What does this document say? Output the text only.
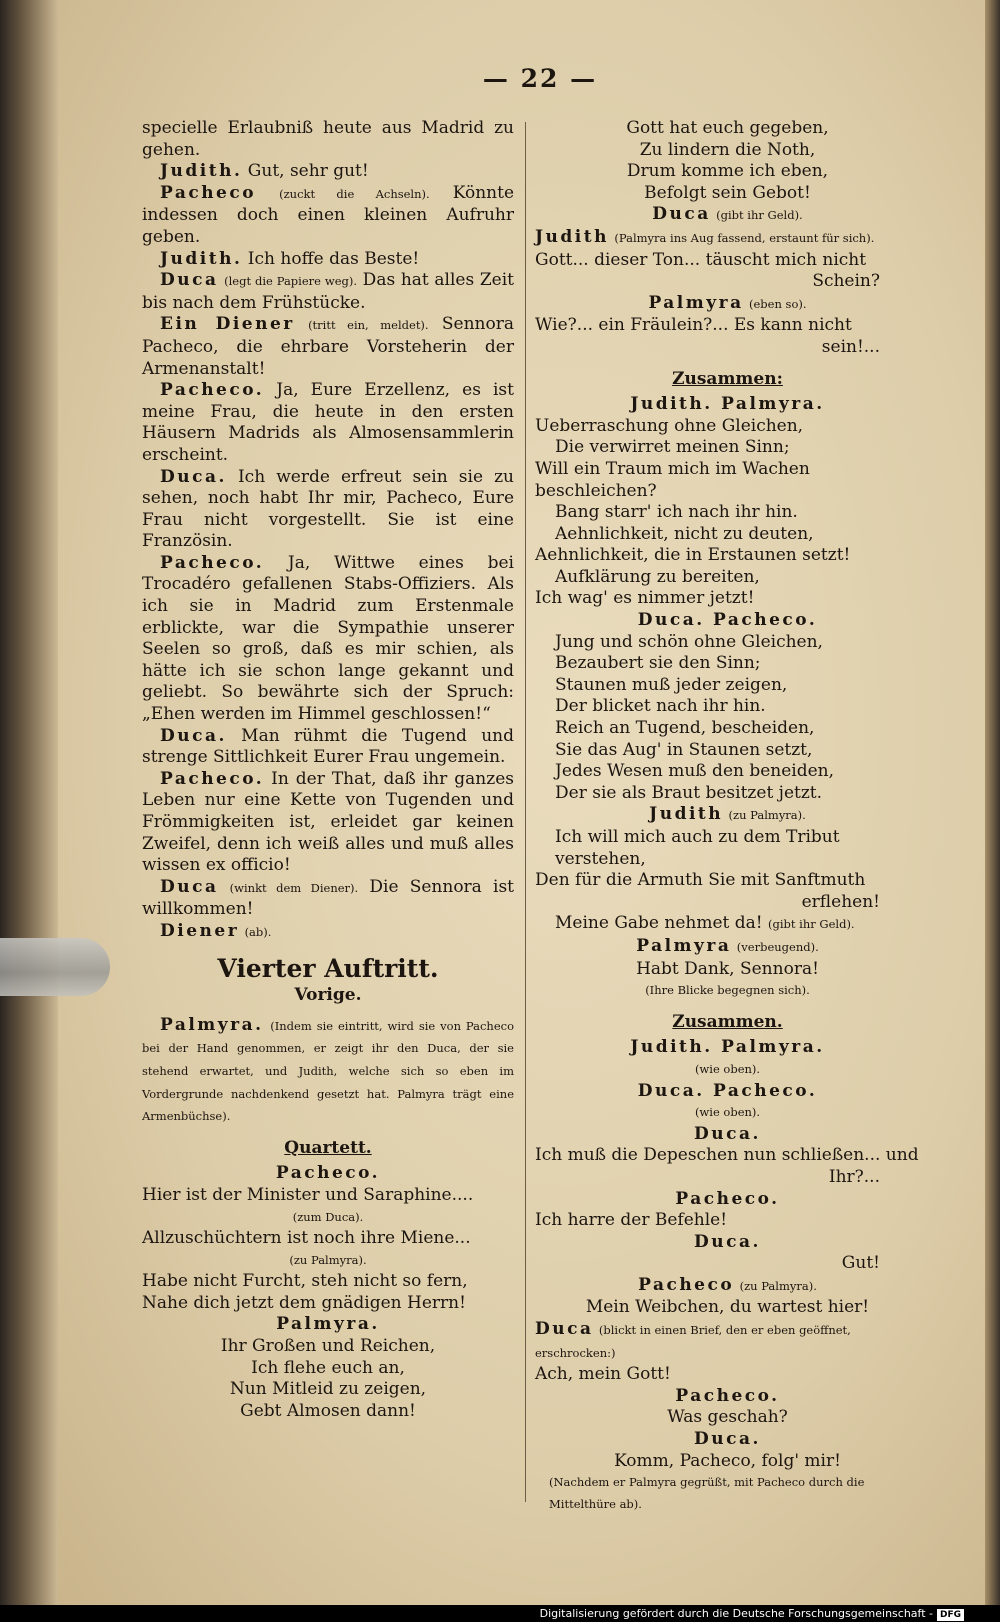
— 22 —

specielle Erlaubniß heute aus Madrid zu gehen.

Judith. Gut, sehr gut!

Pacheco (zuckt die Achseln). Könnte indessen doch einen kleinen Aufruhr geben.

Judith. Ich hoffe das Beste!

Duca (legt die Papiere weg). Das hat alles Zeit bis nach dem Frühstücke.

Ein Diener (tritt ein, meldet). Sennora Pacheco, die ehrbare Vorsteherin der Armenanstalt!

Pacheco. Ja, Eure Erzellenz, es ist meine Frau, die heute in den ersten Häusern Madrids als Almosensammlerin erscheint.

Duca. Ich werde erfreut sein sie zu sehen, noch habt Ihr mir, Pacheco, Eure Frau nicht vorgestellt. Sie ist eine Französin.

Pacheco. Ja, Wittwe eines bei Trocadéro gefallenen Stabs-Offiziers. Als ich sie in Madrid zum Erstenmale erblickte, war die Sympathie unserer Seelen so groß, daß es mir schien, als hätte ich sie schon lange gekannt und geliebt. So bewährte sich der Spruch: „Ehen werden im Himmel geschlossen!“

Duca. Man rühmt die Tugend und strenge Sittlichkeit Eurer Frau ungemein.

Pacheco. In der That, daß ihr ganzes Leben nur eine Kette von Tugenden und Frömmigkeiten ist, erleidet gar keinen Zweifel, denn ich weiß alles und muß alles wissen ex officio!

Duca (winkt dem Diener). Die Sennora ist willkommen!

Diener (ab).

Vierter Auftritt.

Vorige.

Palmyra. (Indem sie eintritt, wird sie von Pacheco bei der Hand genommen, er zeigt ihr den Duca, der sie stehend erwartet, und Judith, welche sich so eben im Vordergrunde nachdenkend gesetzt hat. Palmyra trägt eine Armenbüchse).

Quartett.

Pacheco.

Hier ist der Minister und Saraphine....

(zum Duca).

Allzuschüchtern ist noch ihre Miene...

(zu Palmyra).

Habe nicht Furcht, steh nicht so fern,

Nahe dich jetzt dem gnädigen Herrn!

Palmyra.

Ihr Großen und Reichen,

Ich flehe euch an,

Nun Mitleid zu zeigen,

Gebt Almosen dann!

Gott hat euch gegeben,

Zu lindern die Noth,

Drum komme ich eben,

Befolgt sein Gebot!

Duca (gibt ihr Geld).

Judith (Palmyra ins Aug fassend, erstaunt für sich).

Gott... dieser Ton... täuscht mich nicht

Schein?

Palmyra (eben so).

Wie?... ein Fräulein?... Es kann nicht

sein!...

Zusammen:

Judith. Palmyra.

Ueberraschung ohne Gleichen,

Die verwirret meinen Sinn;

Will ein Traum mich im Wachen beschleichen?

Bang starr' ich nach ihr hin.

Aehnlichkeit, nicht zu deuten,

Aehnlichkeit, die in Erstaunen setzt!

Aufklärung zu bereiten,

Ich wag' es nimmer jetzt!

Duca. Pacheco.

Jung und schön ohne Gleichen,

Bezaubert sie den Sinn;

Staunen muß jeder zeigen,

Der blicket nach ihr hin.

Reich an Tugend, bescheiden,

Sie das Aug' in Staunen setzt,

Jedes Wesen muß den beneiden,

Der sie als Braut besitzet jetzt.

Judith (zu Palmyra).

Ich will mich auch zu dem Tribut verstehen,

Den für die Armuth Sie mit Sanftmuth

erflehen!

Meine Gabe nehmet da! (gibt ihr Geld).

Palmyra (verbeugend).

Habt Dank, Sennora!

(Ihre Blicke begegnen sich).

Zusammen.

Judith. Palmyra.

(wie oben).

Duca. Pacheco.

(wie oben).

Duca.

Ich muß die Depeschen nun schließen... und

Ihr?...

Pacheco.

Ich harre der Befehle!

Duca.

Gut!

Pacheco (zu Palmyra).

Mein Weibchen, du wartest hier!

Duca (blickt in einen Brief, den er eben geöffnet, erschrocken:)

Ach, mein Gott!

Pacheco.

Was geschah?

Duca.

Komm, Pacheco, folg' mir!

(Nachdem er Palmyra gegrüßt, mit Pacheco durch die Mittelthüre ab).

Digitalisierung gefördert durch die Deutsche Forschungsgemeinschaft - DFG
